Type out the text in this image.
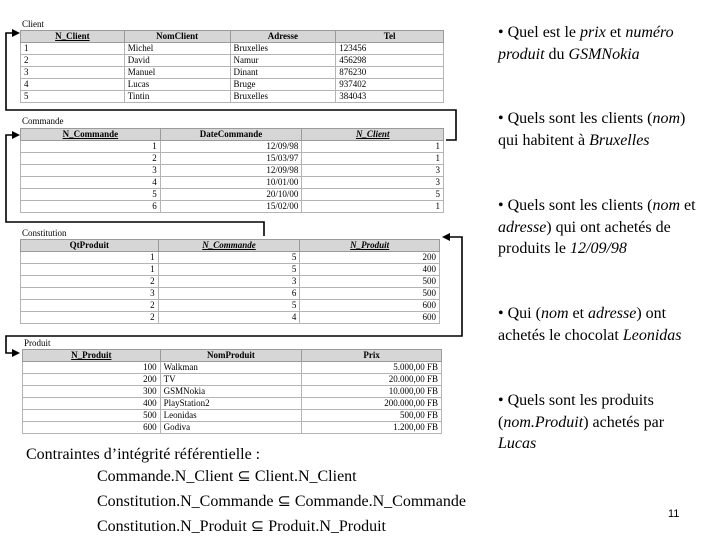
Client
N_Client	NomClient	Adresse	Tel
1	Michel	Bruxelles	123456
2	David	Namur	456298
3	Manuel	Dinant	876230
4	Lucas	Bruge	937402
5	Tintin	Bruxelles	384043
Commande
N_Commande	DateCommande	N_Client
1	12/09/98	1
2	15/03/97	1
3	12/09/98	3
4	10/01/00	3
5	20/10/00	5
6	15/02/00	1
Constitution
QtProduit	N_Commande	N_Produit
1	5	200
1	5	400
2	3	500
3	6	500
2	5	600
2	4	600
Produit
N_Produit	NomProduit	Prix
100	Walkman	5.000,00 FB
200	TV	20.000,00 FB
300	GSMNokia	10.000,00 FB
400	PlayStation2	200.000,00 FB
500	Leonidas	500,00 FB
600	Godiva	1.200,00 FB
• Quel est le prix et numéro produit du GSMNokia
• Quels sont les clients (nom) qui habitent à Bruxelles
• Quels sont les clients (nom et adresse) qui ont achetés de produits le 12/09/98
• Qui (nom et adresse) ont achetés le chocolat Leonidas
• Quels sont les produits (nom.Produit) achetés par Lucas
Contraintes d’intégrité référentielle :
Commande.N_Client ⊆ Client.N_Client
Constitution.N_Commande ⊆ Commande.N_Commande
Constitution.N_Produit ⊆ Produit.N_Produit
11
